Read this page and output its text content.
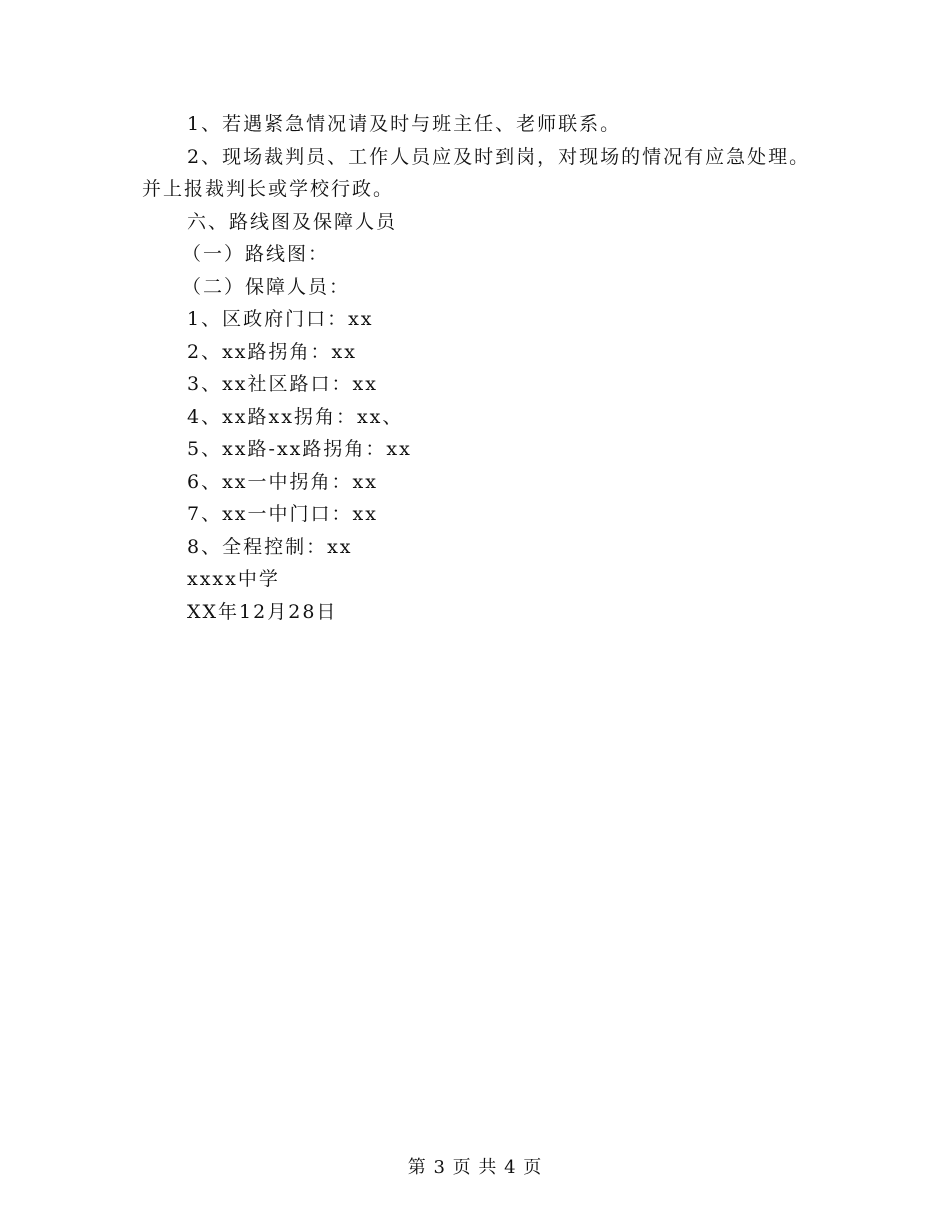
1、若遇紧急情况请及时与班主任、老师联系。
2、现场裁判员、工作人员应及时到岗，对现场的情况有应急处理。
并上报裁判长或学校行政。
六、路线图及保障人员
（一）路线图：
（二）保障人员：
1、区政府门口：xx
2、xx路拐角：xx
3、xx社区路口：xx
4、xx路xx拐角：xx、
5、xx路-xx路拐角：xx
6、xx一中拐角：xx
7、xx一中门口：xx
8、全程控制：xx
xxxx中学
XX年12月28日
第 3 页 共 4 页
